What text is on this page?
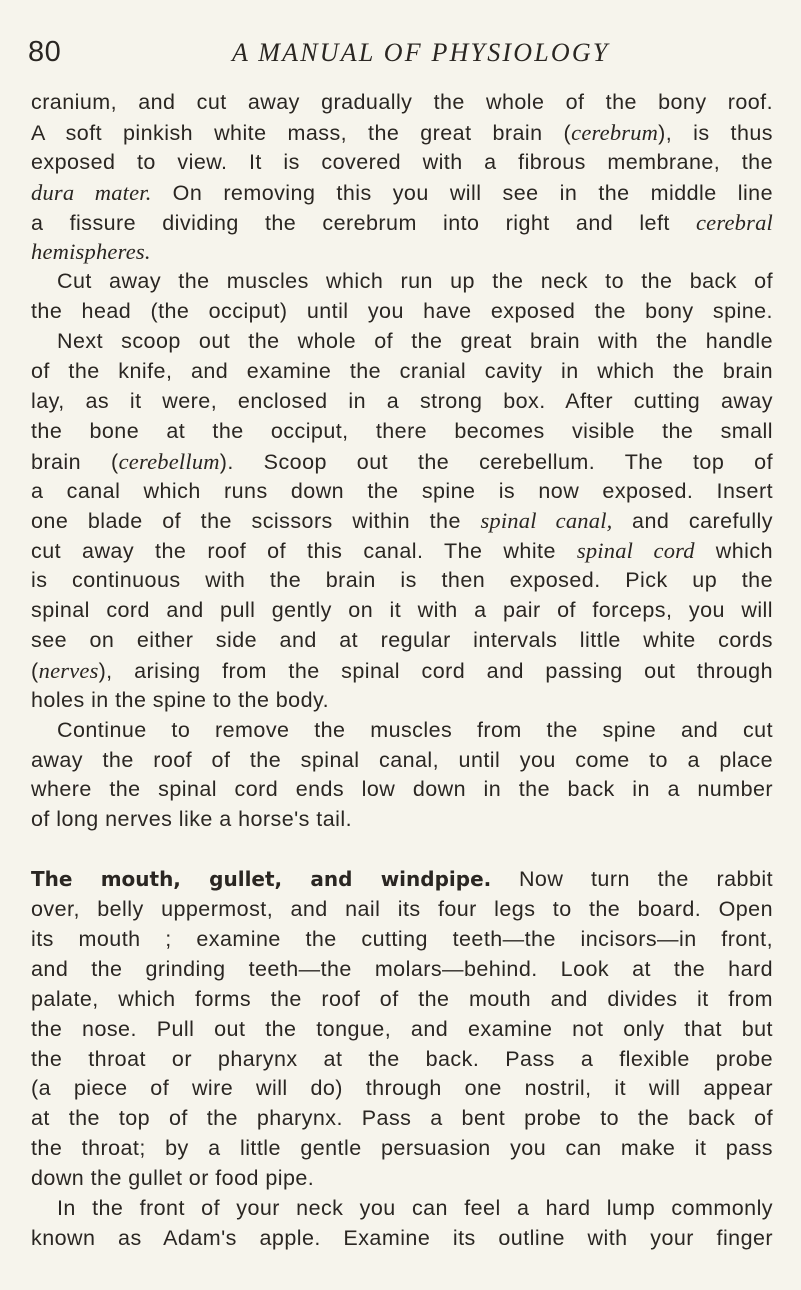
80	A MANUAL OF PHYSIOLOGY
cranium, and cut away gradually the whole of the bony roof.
A soft pinkish white mass, the great brain (cerebrum), is thus
exposed to view. It is covered with a fibrous membrane, the
dura mater. On removing this you will see in the middle line
a fissure dividing the cerebrum into right and left cerebral
hemispheres.
Cut away the muscles which run up the neck to the back of
the head (the occiput) until you have exposed the bony spine.
Next scoop out the whole of the great brain with the handle
of the knife, and examine the cranial cavity in which the brain
lay, as it were, enclosed in a strong box. After cutting away
the bone at the occiput, there becomes visible the small
brain (cerebellum). Scoop out the cerebellum. The top of
a canal which runs down the spine is now exposed. Insert
one blade of the scissors within the spinal canal, and carefully
cut away the roof of this canal. The white spinal cord which
is continuous with the brain is then exposed. Pick up the
spinal cord and pull gently on it with a pair of forceps, you will
see on either side and at regular intervals little white cords
(nerves), arising from the spinal cord and passing out through
holes in the spine to the body.
Continue to remove the muscles from the spine and cut
away the roof of the spinal canal, until you come to a place
where the spinal cord ends low down in the back in a number
of long nerves like a horse's tail.
The mouth, gullet, and windpipe. Now turn the rabbit
over, belly uppermost, and nail its four legs to the board. Open
its mouth ; examine the cutting teeth—the incisors—in front,
and the grinding teeth—the molars—behind. Look at the hard
palate, which forms the roof of the mouth and divides it from
the nose. Pull out the tongue, and examine not only that but
the throat or pharynx at the back. Pass a flexible probe
(a piece of wire will do) through one nostril, it will appear
at the top of the pharynx. Pass a bent probe to the back of
the throat; by a little gentle persuasion you can make it pass
down the gullet or food pipe.
In the front of your neck you can feel a hard lump commonly
known as Adam's apple. Examine its outline with your finger
